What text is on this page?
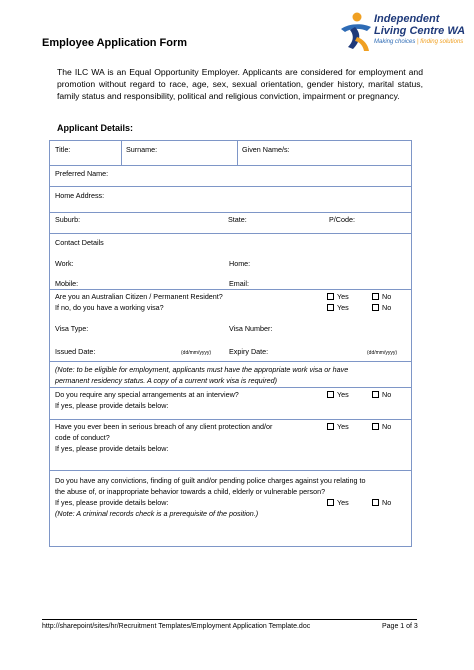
Employee Application Form
Independent
Living Centre WA
Making choices | finding solutions
The ILC WA is an Equal Opportunity Employer. Applicants are considered for employment and promotion without regard to race, age, sex, sexual orientation, gender history, marital status, family status and responsibility, political and religious conviction, impairment or pregnancy.
Applicant Details:
Title:	Surname:	Given Name/s:
Preferred Name:
Home Address:
Suburb:	State:	P/Code:
Contact Details
Work:	Home:
Mobile:	Email:
Are you an Australian Citizen / Permanent Resident?	Yes	No
If no, do you have a working visa?	Yes	No
Visa Type:	Visa Number:
Issued Date:	(dd/mm/yyyy)	Expiry Date:	(dd/mm/yyyy)
(Note: to be eligible for employment, applicants must have the appropriate work visa or have
permanent residency status. A copy of a current work visa is required)
Do you require any special arrangements at an interview?	Yes	No
If yes, please provide details below:
Have you ever been in serious breach of any client protection and/or	Yes	No
code of conduct?
If yes, please provide details below:
Do you have any convictions, finding of guilt and/or pending police charges against you relating to
the abuse of, or inappropriate behavior towards a child, elderly or vulnerable person?
If yes, please provide details below:	Yes	No
(Note: A criminal records check is a prerequisite of the position.)
http://sharepoint/sites/hr/Recruitment Templates/Employment Application Template.doc	Page 1 of 3
